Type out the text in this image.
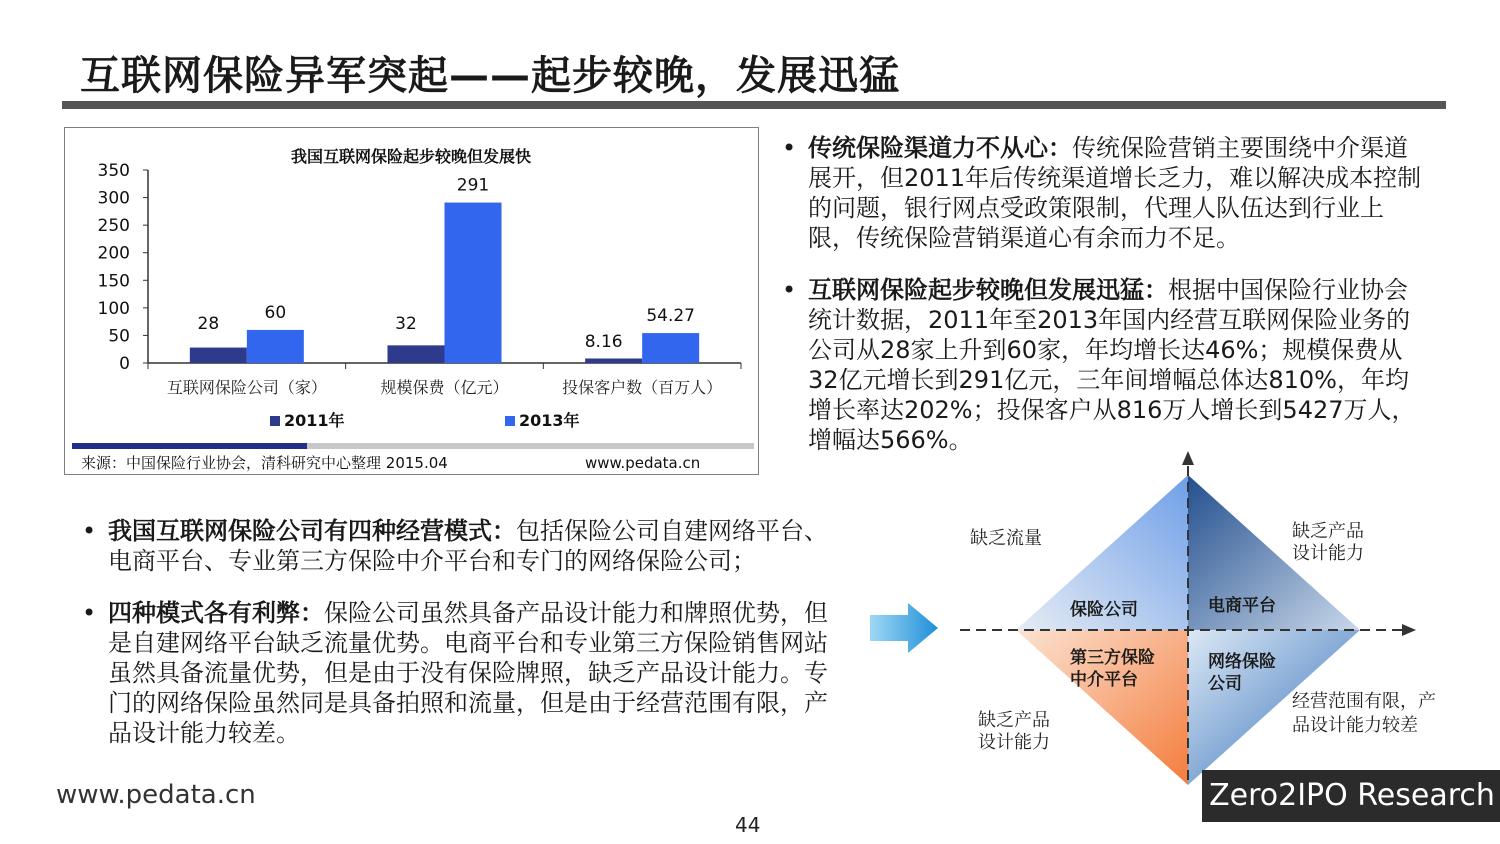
互联网保险异军突起——起步较晚，发展迅猛
我国互联网保险起步较晚但发展快
350
300
250
200
150
100
50
0
28
60
互联网保险公司（家）
32
291
规模保费（亿元）
8.16
54.27
投保客户数（百万人）
2011年	2013年
来源：中国保险行业协会，清科研究中心整理 2015.04	www.pedata.cn
• 传统保险渠道力不从心：传统保险营销主要围绕中介渠道展开，但2011年后传统渠道增长乏力，难以解决成本控制的问题，银行网点受政策限制，代理人队伍达到行业上限，传统保险营销渠道心有余而力不足。
• 互联网保险起步较晚但发展迅猛：根据中国保险行业协会统计数据，2011年至2013年国内经营互联网保险业务的公司从28家上升到60家，年均增长达46%；规模保费从32亿元增长到291亿元，三年间增幅总体达810%，年均增长率达202%；投保客户从816万人增长到5427万人，增幅达566%。
• 我国互联网保险公司有四种经营模式：包括保险公司自建网络平台、电商平台、专业第三方保险中介平台和专门的网络保险公司；
• 四种模式各有利弊：保险公司虽然具备产品设计能力和牌照优势，但是自建网络平台缺乏流量优势。电商平台和专业第三方保险销售网站虽然具备流量优势，但是由于没有保险牌照，缺乏产品设计能力。专门的网络保险虽然同是具备拍照和流量，但是由于经营范围有限，产品设计能力较差。
缺乏流量	缺乏产品
设计能力
缺乏产品
设计能力
经营范围有限，产
品设计能力较差
保险公司	电商平台
第三方保险
中介平台
网络保险
公司
www.pedata.cn
44
Zero2IPO Research
